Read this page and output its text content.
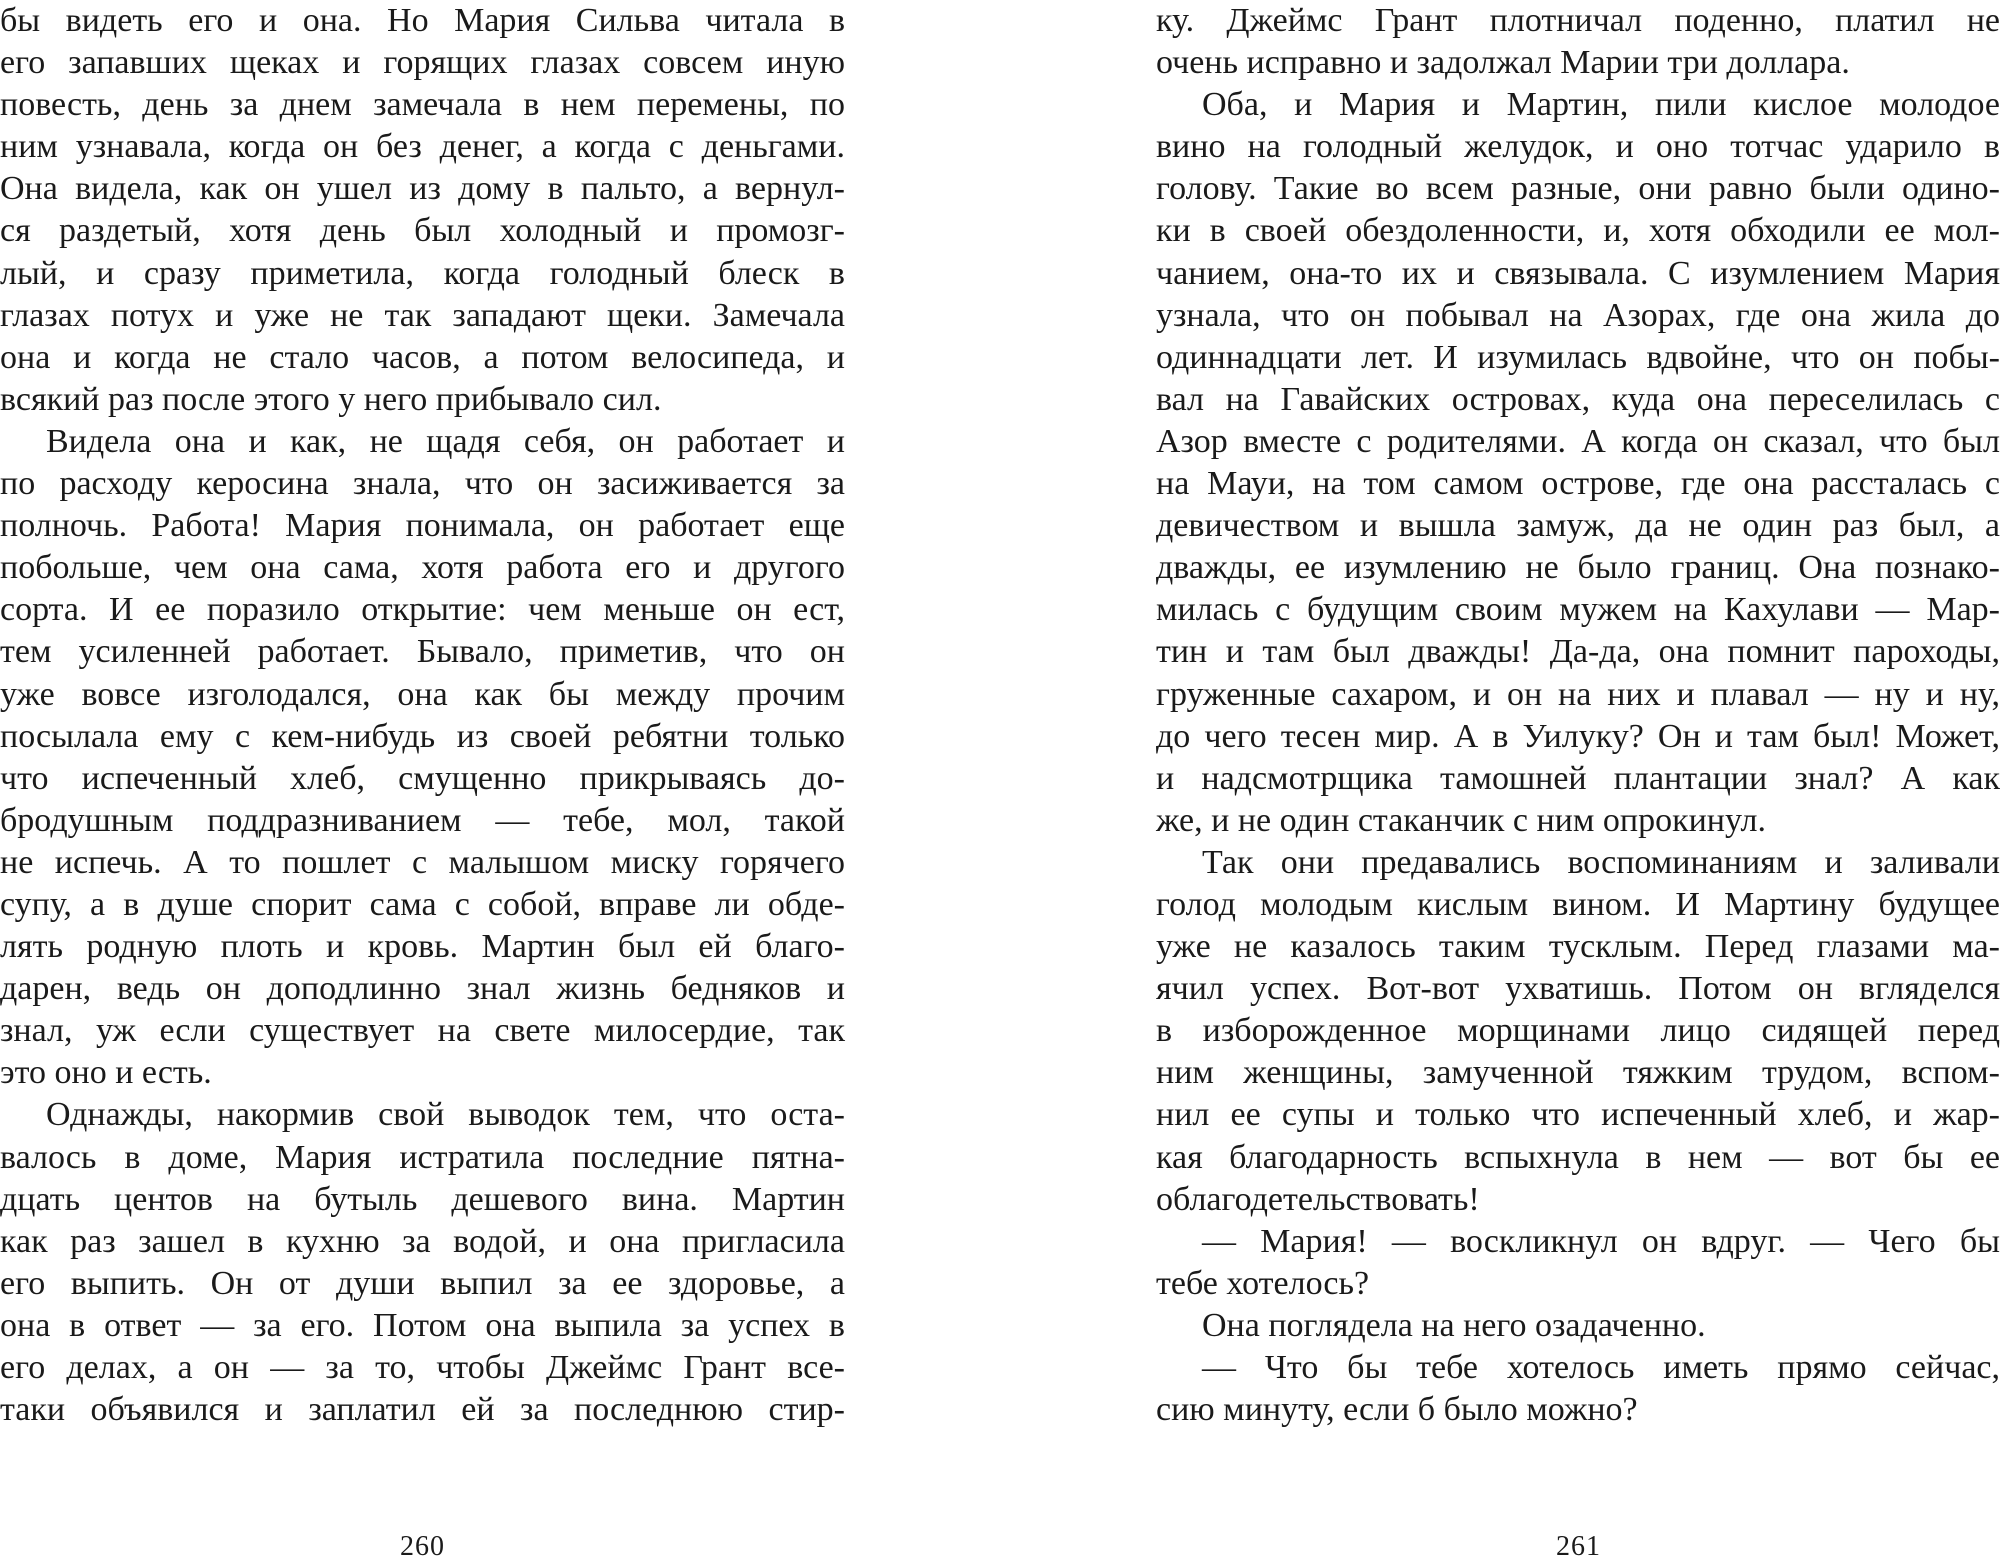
бы видеть его и она. Но Мария Сильва читала в
его запавших щеках и горящих глазах совсем иную
повесть, день за днем замечала в нем перемены, по
ним узнавала, когда он без денег, а когда с деньгами.
Она видела, как он ушел из дому в пальто, а вернул-
ся раздетый, хотя день был холодный и промозг-
лый, и сразу приметила, когда голодный блеск в
глазах потух и уже не так западают щеки. Замечала
она и когда не стало часов, а потом велосипеда, и
всякий раз после этого у него прибывало сил.
Видела она и как, не щадя себя, он работает и
по расходу керосина знала, что он засиживается за
полночь. Работа! Мария понимала, он работает еще
побольше, чем она сама, хотя работа его и другого
сорта. И ее поразило открытие: чем меньше он ест,
тем усиленней работает. Бывало, приметив, что он
уже вовсе изголодался, она как бы между прочим
посылала ему с кем-нибудь из своей ребятни только
что испеченный хлеб, смущенно прикрываясь до-
бродушным поддразниванием — тебе, мол, такой
не испечь. А то пошлет с малышом миску горячего
супу, а в душе спорит сама с собой, вправе ли обде-
лять родную плоть и кровь. Мартин был ей благо-
дарен, ведь он доподлинно знал жизнь бедняков и
знал, уж если существует на свете милосердие, так
это оно и есть.
Однажды, накормив свой выводок тем, что оста-
валось в доме, Мария истратила последние пятна-
дцать центов на бутыль дешевого вина. Мартин
как раз зашел в кухню за водой, и она пригласила
его выпить. Он от души выпил за ее здоровье, а
она в ответ — за его. Потом она выпила за успех в
его делах, а он — за то, чтобы Джеймс Грант все-
таки объявился и заплатил ей за последнюю стир-
260
ку. Джеймс Грант плотничал поденно, платил не
очень исправно и задолжал Марии три доллара.
Оба, и Мария и Мартин, пили кислое молодое
вино на голодный желудок, и оно тотчас ударило в
голову. Такие во всем разные, они равно были одино-
ки в своей обездоленности, и, хотя обходили ее мол-
чанием, она-то их и связывала. С изумлением Мария
узнала, что он побывал на Азорах, где она жила до
одиннадцати лет. И изумилась вдвойне, что он побы-
вал на Гавайских островах, куда она переселилась с
Азор вместе с родителями. А когда он сказал, что был
на Мауи, на том самом острове, где она рассталась с
девичеством и вышла замуж, да не один раз был, а
дважды, ее изумлению не было границ. Она познако-
милась с будущим своим мужем на Кахулави — Мар-
тин и там был дважды! Да-да, она помнит пароходы,
груженные сахаром, и он на них и плавал — ну и ну,
до чего тесен мир. А в Уилуку? Он и там был! Может,
и надсмотрщика тамошней плантации знал? А как
же, и не один стаканчик с ним опрокинул.
Так они предавались воспоминаниям и заливали
голод молодым кислым вином. И Мартину будущее
уже не казалось таким тусклым. Перед глазами ма-
ячил успех. Вот-вот ухватишь. Потом он вгляделся
в изборожденное морщинами лицо сидящей перед
ним женщины, замученной тяжким трудом, вспом-
нил ее супы и только что испеченный хлеб, и жар-
кая благодарность вспыхнула в нем — вот бы ее
облагодетельствовать!
— Мария! — воскликнул он вдруг. — Чего бы
тебе хотелось?
Она поглядела на него озадаченно.
— Что бы тебе хотелось иметь прямо сейчас,
сию минуту, если б было можно?
261
